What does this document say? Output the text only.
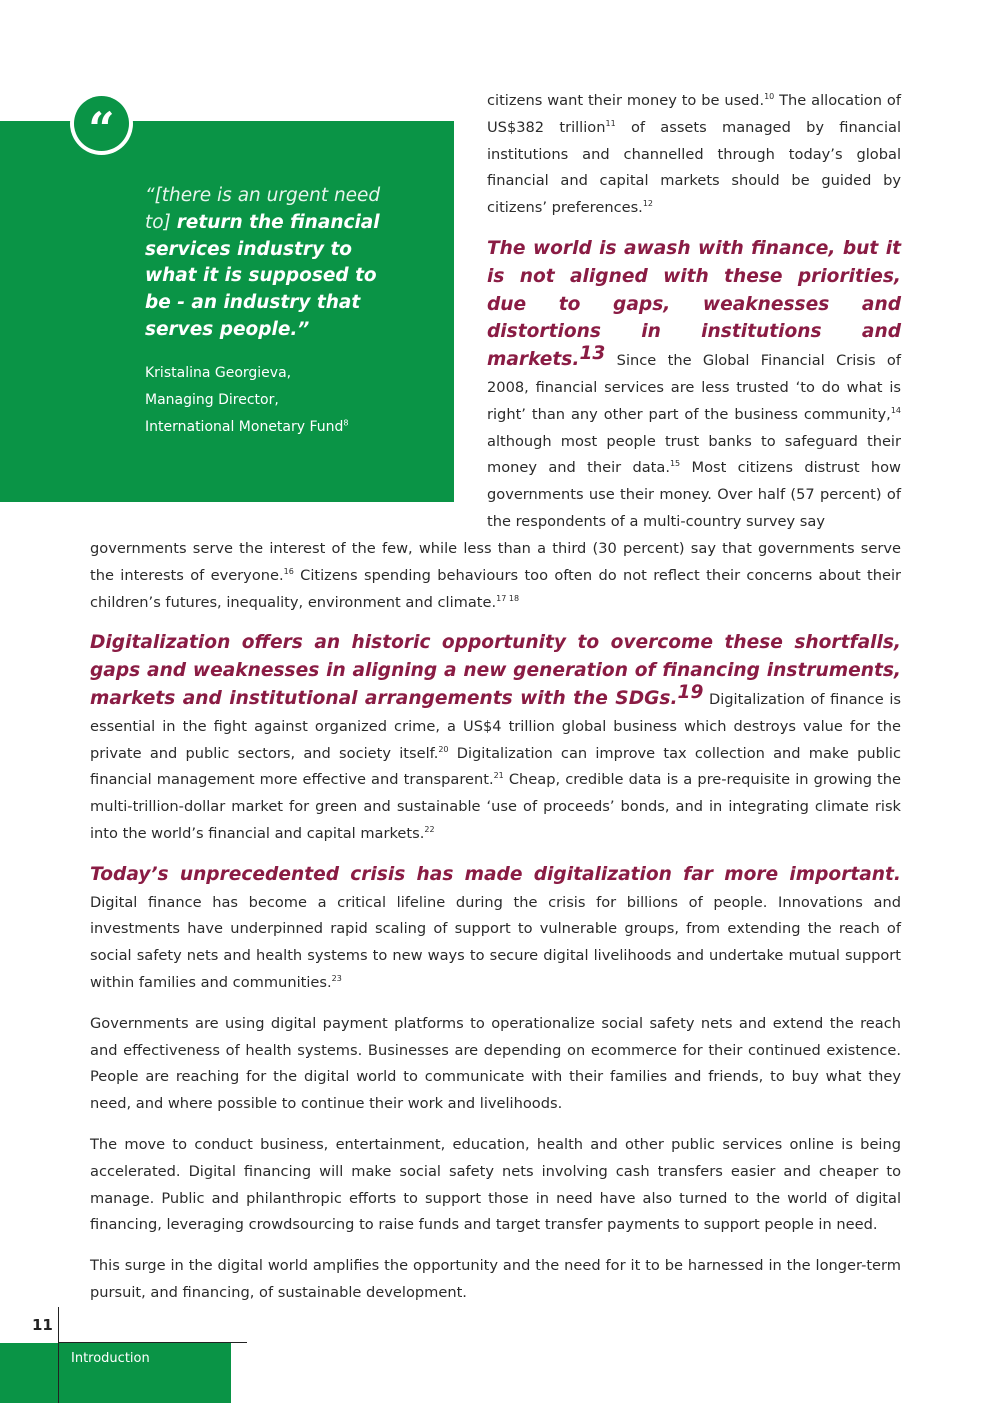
“
“[there is an urgent need to] return the financial services industry to what it is supposed to be - an industry that serves people.”
Kristalina Georgieva,
Managing Director,
International Monetary Fund$^8$

citizens want their money to be used.$^{10}$ The allocation of US$382 trillion$^{11}$ of assets managed by financial institutions and channelled through today’s global financial and capital markets should be guided by citizens’ preferences.$^{12}$

The world is awash with finance, but it is not aligned with these priorities, due to gaps, weaknesses and distortions in institutions and markets.$^{13}$ Since the Global Financial Crisis of 2008, financial services are less trusted ‘to do what is right’ than any other part of the business community,$^{14}$ although most people trust banks to safeguard their money and their data.$^{15}$ Most citizens distrust how governments use their money. Over half (57 percent) of the respondents of a multi-country survey say

governments serve the interest of the few, while less than a third (30 percent) say that governments serve the interests of everyone.$^{16}$ Citizens spending behaviours too often do not reflect their concerns about their children’s futures, inequality, environment and climate.$^{17 18}$

Digitalization offers an historic opportunity to overcome these shortfalls, gaps and weaknesses in aligning a new generation of financing instruments, markets and institutional arrangements with the SDGs.$^{19}$ Digitalization of finance is essential in the fight against organized crime, a US$4 trillion global business which destroys value for the private and public sectors, and society itself.$^{20}$ Digitalization can improve tax collection and make public financial management more effective and transparent.$^{21}$ Cheap, credible data is a pre-requisite in growing the multi-trillion-dollar market for green and sustainable ‘use of proceeds’ bonds, and in integrating climate risk into the world’s financial and capital markets.$^{22}$

Today’s unprecedented crisis has made digitalization far more important. Digital finance has become a critical lifeline during the crisis for billions of people. Innovations and investments have underpinned rapid scaling of support to vulnerable groups, from extending the reach of social safety nets and health systems to new ways to secure digital livelihoods and undertake mutual support within families and communities.$^{23}$

Governments are using digital payment platforms to operationalize social safety nets and extend the reach and effectiveness of health systems. Businesses are depending on ecommerce for their continued existence. People are reaching for the digital world to communicate with their families and friends, to buy what they need, and where possible to continue their work and livelihoods.

The move to conduct business, entertainment, education, health and other public services online is being accelerated. Digital financing will make social safety nets involving cash transfers easier and cheaper to manage. Public and philanthropic efforts to support those in need have also turned to the world of digital financing, leveraging crowdsourcing to raise funds and target transfer payments to support people in need.

This surge in the digital world amplifies the opportunity and the need for it to be harnessed in the longer-term pursuit, and financing, of sustainable development.

11
Introduction
